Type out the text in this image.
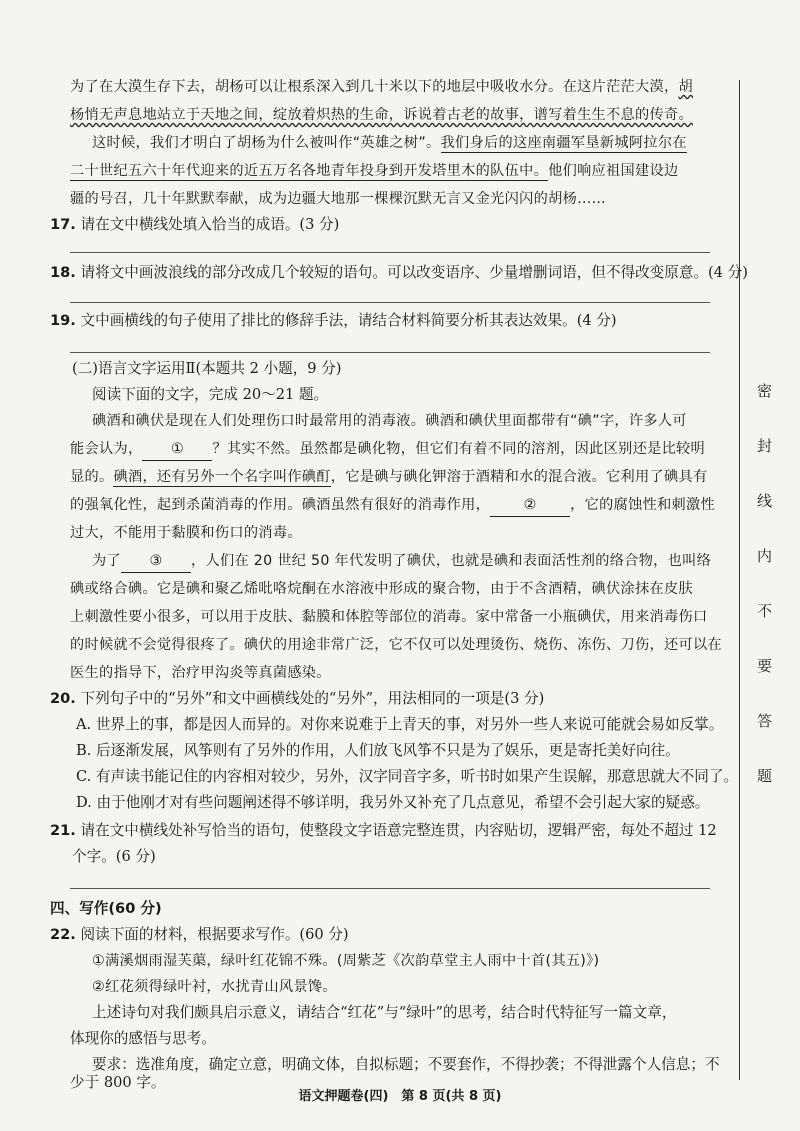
为了在大漠生存下去，胡杨可以让根系深入到几十米以下的地层中吸收水分。在这片茫茫大漠，胡
杨悄无声息地站立于天地之间，绽放着炽热的生命，诉说着古老的故事，谱写着生生不息的传奇。
这时候，我们才明白了胡杨为什么被叫作“英雄之树”。我们身后的这座南疆军垦新城阿拉尔在
二十世纪五六十年代迎来的近五万名各地青年投身到开发塔里木的队伍中。他们响应祖国建设边
疆的号召，几十年默默奉献，成为边疆大地那一棵棵沉默无言又金光闪闪的胡杨……
17. 请在文中横线处填入恰当的成语。(3 分)
18. 请将文中画波浪线的部分改成几个较短的语句。可以改变语序、少量增删词语，但不得改变原意。(4 分)
19. 文中画横线的句子使用了排比的修辞手法，请结合材料简要分析其表达效果。(4 分)
(二)语言文字运用Ⅱ(本题共 2 小题，9 分)
阅读下面的文字，完成 20～21 题。
碘酒和碘伏是现在人们处理伤口时最常用的消毒液。碘酒和碘伏里面都带有“碘”字，许多人可
能会认为， ① ？其实不然。虽然都是碘化物，但它们有着不同的溶剂，因此区别还是比较明
显的。碘酒，还有另外一个名字叫作碘酊，它是碘与碘化钾溶于酒精和水的混合液。它利用了碘具有
的强氧化性，起到杀菌消毒的作用。碘酒虽然有很好的消毒作用， ② ，它的腐蚀性和刺激性
过大，不能用于黏膜和伤口的消毒。
为了 ③ ，人们在 20 世纪 50 年代发明了碘伏，也就是碘和表面活性剂的络合物，也叫络
碘或络合碘。它是碘和聚乙烯吡咯烷酮在水溶液中形成的聚合物，由于不含酒精，碘伏涂抹在皮肤
上刺激性要小很多，可以用于皮肤、黏膜和体腔等部位的消毒。家中常备一小瓶碘伏，用来消毒伤口
的时候就不会觉得很疼了。碘伏的用途非常广泛，它不仅可以处理烫伤、烧伤、冻伤、刀伤，还可以在
医生的指导下，治疗甲沟炎等真菌感染。
20. 下列句子中的“另外”和文中画横线处的“另外”，用法相同的一项是(3 分)
A. 世界上的事，都是因人而异的。对你来说难于上青天的事，对另外一些人来说可能就会易如反掌。
B. 后逐渐发展，风筝则有了另外的作用，人们放飞风筝不只是为了娱乐，更是寄托美好向往。
C. 有声读书能记住的内容相对较少，另外，汉字同音字多，听书时如果产生误解，那意思就大不同了。
D. 由于他刚才对有些问题阐述得不够详明，我另外又补充了几点意见，希望不会引起大家的疑惑。
21. 请在文中横线处补写恰当的语句，使整段文字语意完整连贯，内容贴切，逻辑严密，每处不超过 12
个字。(6 分)
四、写作(60 分)
22. 阅读下面的材料，根据要求写作。(60 分)
①满溪烟雨湿芙蕖，绿叶红花锦不殊。(周紫芝《次韵草堂主人雨中十首(其五)》)
②红花须得绿叶衬，水扰青山风景馋。
上述诗句对我们颇具启示意义，请结合“红花”与“绿叶”的思考，结合时代特征写一篇文章，
体现你的感悟与思考。
要求：选准角度，确定立意，明确文体，自拟标题；不要套作，不得抄袭；不得泄露个人信息；不
少于 800 字。
密
封
线
内
不
要
答
题
语文押题卷(四)　第 8 页(共 8 页)
